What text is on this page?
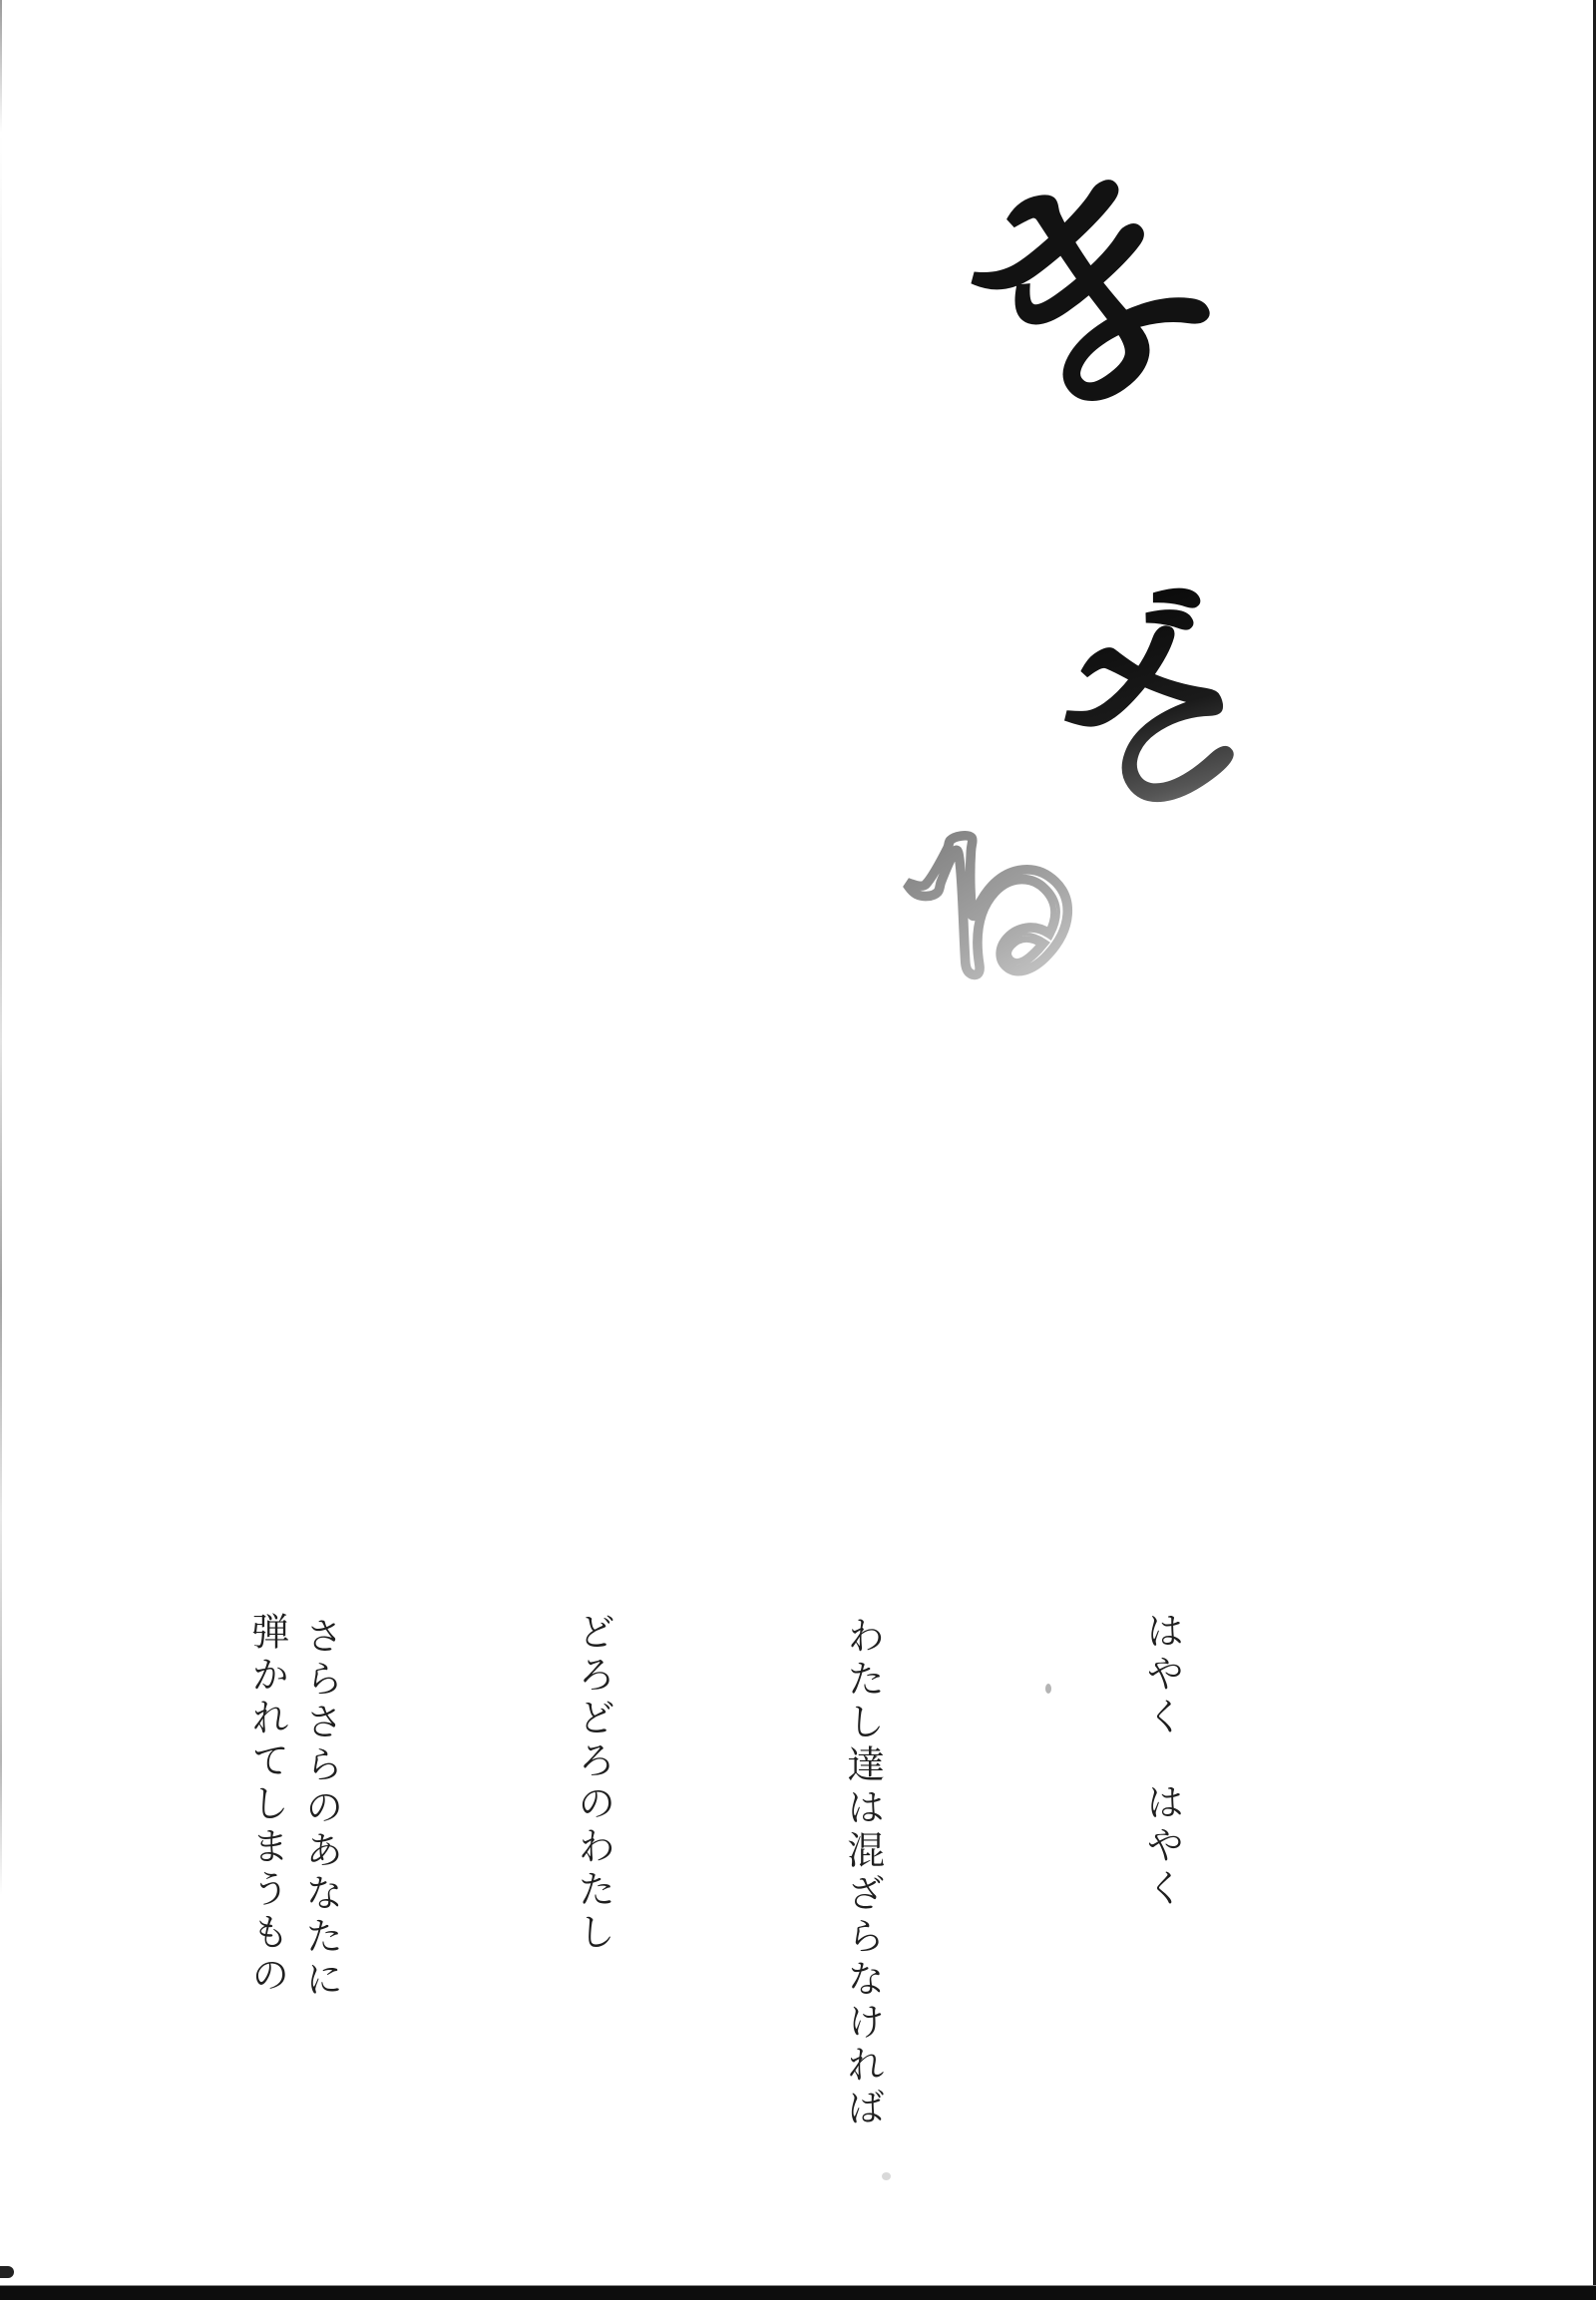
ま
ざ
る
はやく　はやく
わたし達は混ざらなければ
どろどろのわたし
さらさらのあなたに
弾かれてしまうもの
